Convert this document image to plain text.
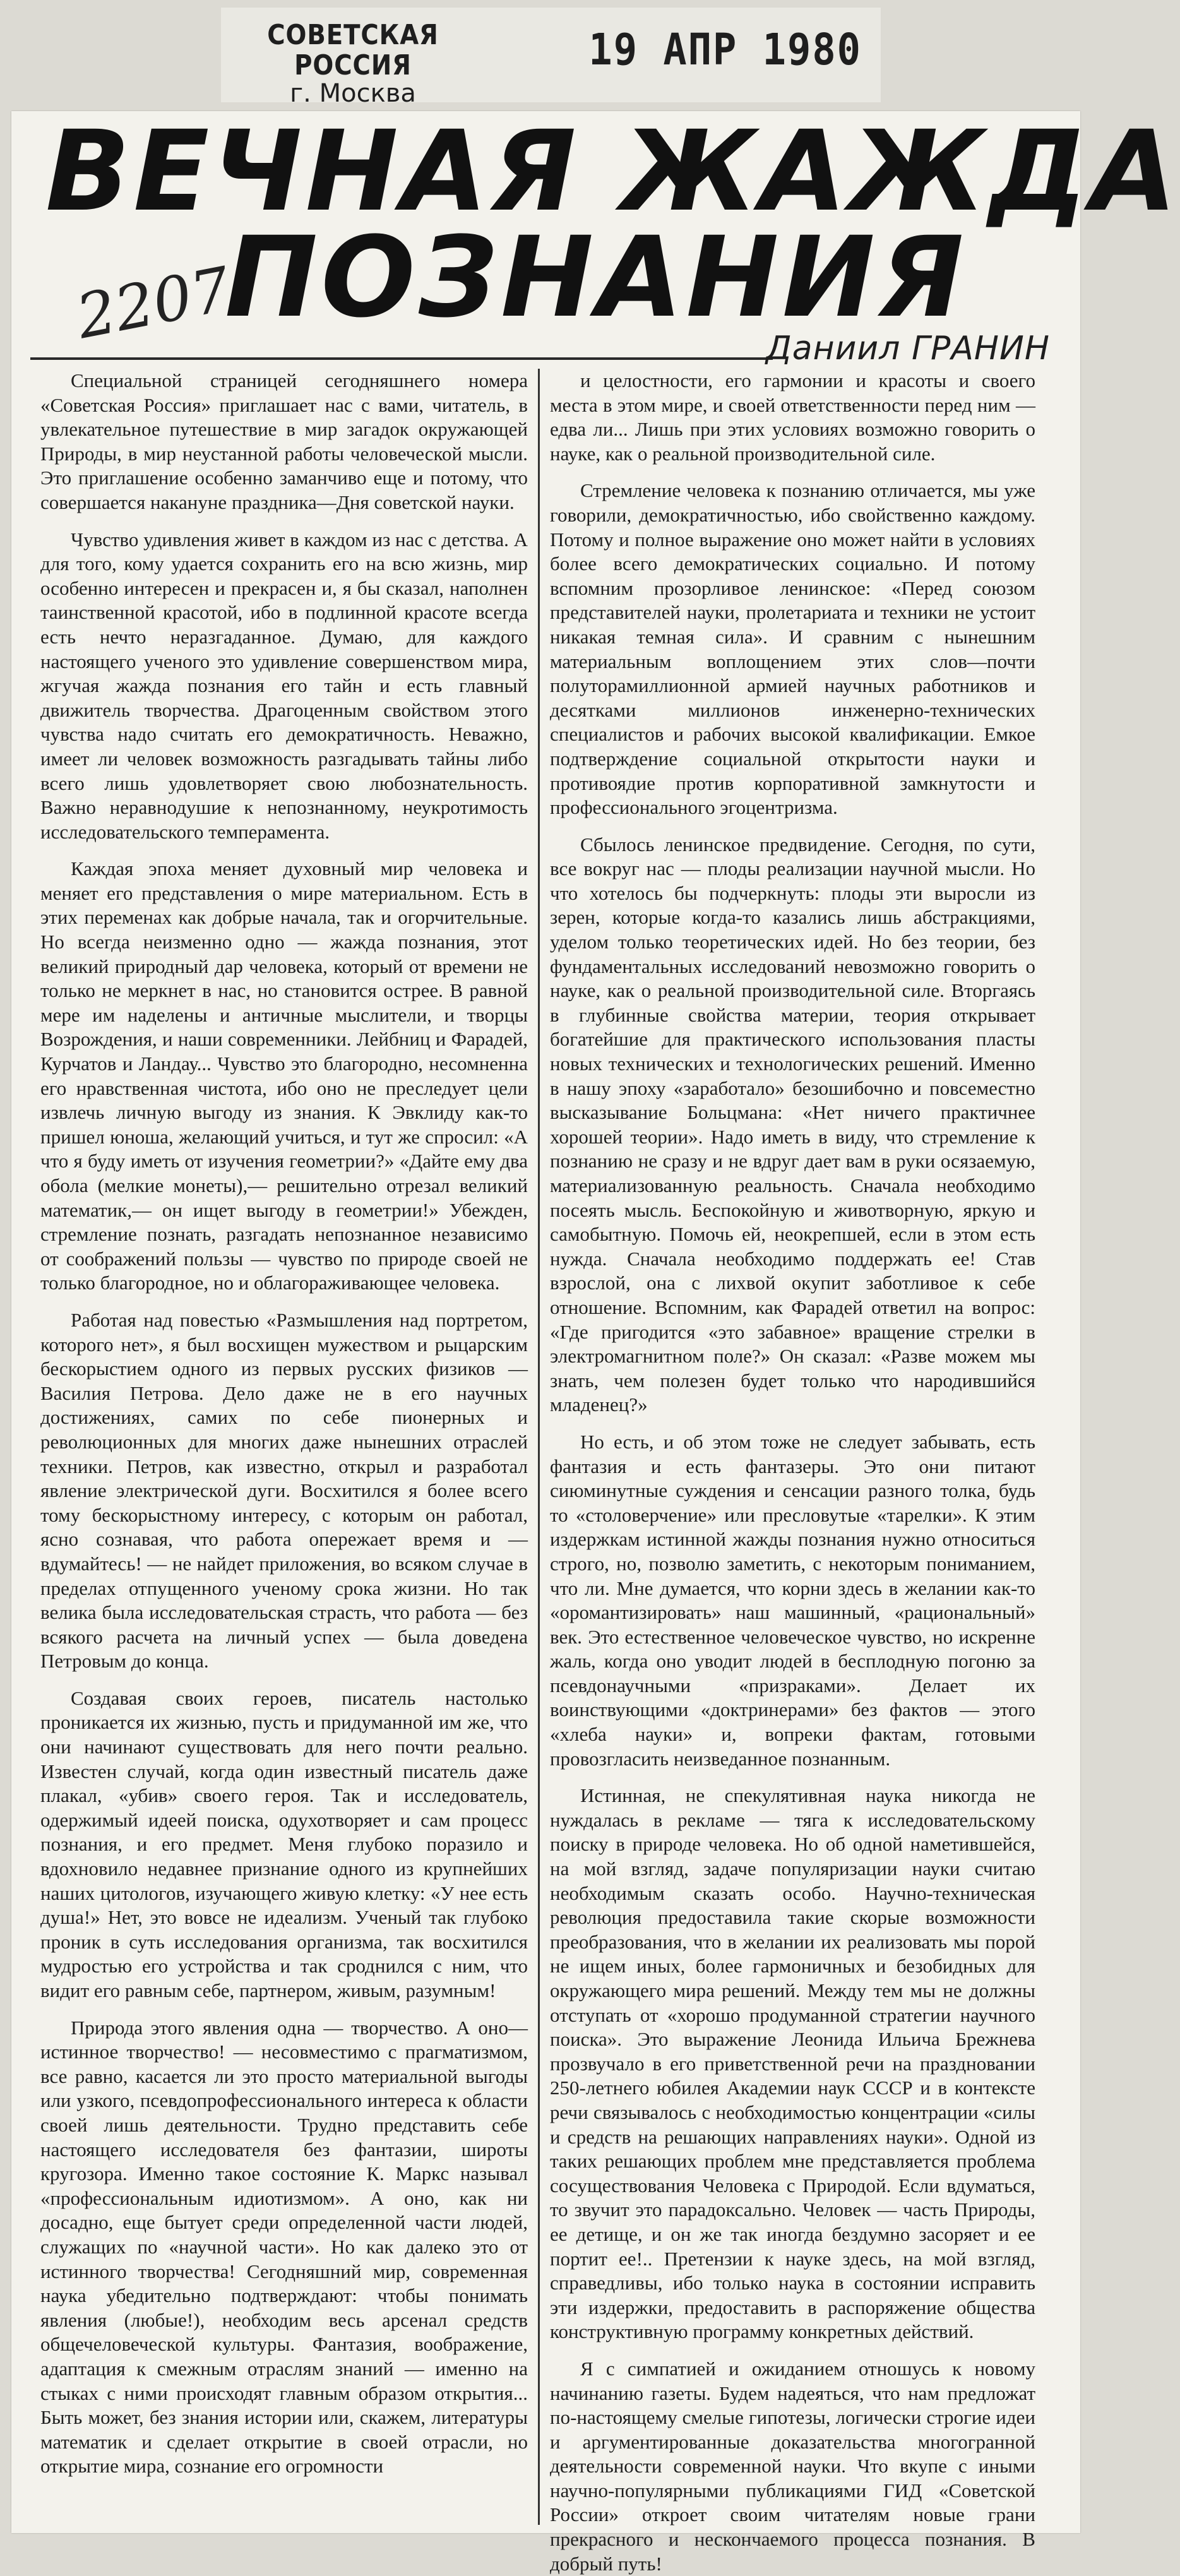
СОВЕТСКАЯ РОССИЯ
г. Москва
19 АПР 1980
ВЕЧНАЯ ЖАЖДА
ПОЗНАНИЯ
2207	Даниил ГРАНИН

Специальной страницей сегодняшнего номера «Советская Россия» приглашает нас с вами, читатель, в увлекательное путешествие в мир загадок окружающей Природы, в мир неустанной работы человеческой мысли. Это приглашение особенно заманчиво еще и потому, что совершается накануне праздника—Дня советской науки.

Чувство удивления живет в каждом из нас с детства. А для того, кому удается сохранить его на всю жизнь, мир особенно интересен и прекрасен и, я бы сказал, наполнен таинственной красотой, ибо в подлинной красоте всегда есть нечто неразгаданное. Думаю, для каждого настоящего ученого это удивление совершенством мира, жгучая жажда познания его тайн и есть главный движитель творчества. Драгоценным свойством этого чувства надо считать его демократичность. Неважно, имеет ли человек возможность разгадывать тайны либо всего лишь удовлетворяет свою любознательность. Важно неравнодушие к непознанному, неукротимость исследовательского темперамента.

Каждая эпоха меняет духовный мир человека и меняет его представления о мире материальном. Есть в этих переменах как добрые начала, так и огорчительные. Но всегда неизменно одно — жажда познания, этот великий природный дар человека, который от времени не только не меркнет в нас, но становится острее. В равной мере им наделены и античные мыслители, и творцы Возрождения, и наши современники. Лейбниц и Фарадей, Курчатов и Ландау... Чувство это благородно, несомненна его нравственная чистота, ибо оно не преследует цели извлечь личную выгоду из знания. К Эвклиду как-то пришел юноша, желающий учиться, и тут же спросил: «А что я буду иметь от изучения геометрии?» «Дайте ему два обола (мелкие монеты),— решительно отрезал великий математик,— он ищет выгоду в геометрии!» Убежден, стремление познать, разгадать непознанное независимо от соображений пользы — чувство по природе своей не только благородное, но и облагораживающее человека.

Работая над повестью «Размышления над портретом, которого нет», я был восхищен мужеством и рыцарским бескорыстием одного из первых русских физиков — Василия Петрова. Дело даже не в его научных достижениях, самих по себе пионерных и революционных для многих даже нынешних отраслей техники. Петров, как известно, открыл и разработал явление электрической дуги. Восхитился я более всего тому бескорыстному интересу, с которым он работал, ясно сознавая, что работа опережает время и — вдумайтесь! — не найдет приложения, во всяком случае в пределах отпущенного ученому срока жизни. Но так велика была исследовательская страсть, что работа — без всякого расчета на личный успех — была доведена Петровым до конца.

Создавая своих героев, писатель настолько проникается их жизнью, пусть и придуманной им же, что они начинают существовать для него почти реально. Известен случай, когда один известный писатель даже плакал, «убив» своего героя. Так и исследователь, одержимый идеей поиска, одухотворяет и сам процесс познания, и его предмет. Меня глубоко поразило и вдохновило недавнее признание одного из крупнейших наших цитологов, изучающего живую клетку: «У нее есть душа!» Нет, это вовсе не идеализм. Ученый так глубоко проник в суть исследования организма, так восхитился мудростью его устройства и так сроднился с ним, что видит его равным себе, партнером, живым, разумным!

Природа этого явления одна — творчество. А оно—истинное творчество! — несовместимо с прагматизмом, все равно, касается ли это просто материальной выгоды или узкого, псевдопрофессионального интереса к области своей лишь деятельности. Трудно представить себе настоящего исследователя без фантазии, широты кругозора. Именно такое состояние К. Маркс называл «профессиональным идиотизмом». А оно, как ни досадно, еще бытует среди определенной части людей, служащих по «научной части». Но как далеко это от истинного творчества! Сегодняшний мир, современная наука убедительно подтверждают: чтобы понимать явления (любые!), необходим весь арсенал средств общечеловеческой культуры. Фантазия, воображение, адаптация к смежным отраслям знаний — именно на стыках с ними происходят главным образом открытия... Быть может, без знания истории или, скажем, литературы математик и сделает открытие в своей отрасли, но открытие мира, сознание его огромности

и целостности, его гармонии и красоты и своего места в этом мире, и своей ответственности перед ним — едва ли... Лишь при этих условиях возможно говорить о науке, как о реальной производительной силе.

Стремление человека к познанию отличается, мы уже говорили, демократичностью, ибо свойственно каждому. Потому и полное выражение оно может найти в условиях более всего демократических социально. И потому вспомним прозорливое ленинское: «Перед союзом представителей науки, пролетариата и техники не устоит никакая темная сила». И сравним с нынешним материальным воплощением этих слов—почти полуторамиллионной армией научных работников и десятками миллионов инженерно-технических специалистов и рабочих высокой квалификации. Емкое подтверждение социальной открытости науки и противоядие против корпоративной замкнутости и профессионального эгоцентризма.

Сбылось ленинское предвидение. Сегодня, по сути, все вокруг нас — плоды реализации научной мысли. Но что хотелось бы подчеркнуть: плоды эти выросли из зерен, которые когда-то казались лишь абстракциями, уделом только теоретических идей. Но без теории, без фундаментальных исследований невозможно говорить о науке, как о реальной производительной силе. Вторгаясь в глубинные свойства материи, теория открывает богатейшие для практического использования пласты новых технических и технологических решений. Именно в нашу эпоху «заработало» безошибочно и повсеместно высказывание Больцмана: «Нет ничего практичнее хорошей теории». Надо иметь в виду, что стремление к познанию не сразу и не вдруг дает вам в руки осязаемую, материализованную реальность. Сначала необходимо посеять мысль. Беспокойную и животворную, яркую и самобытную. Помочь ей, неокрепшей, если в этом есть нужда. Сначала необходимо поддержать ее! Став взрослой, она с лихвой окупит заботливое к себе отношение. Вспомним, как Фарадей ответил на вопрос: «Где пригодится «это забавное» вращение стрелки в электромагнитном поле?» Он сказал: «Разве можем мы знать, чем полезен будет только что народившийся младенец?»

Но есть, и об этом тоже не следует забывать, есть фантазия и есть фантазеры. Это они питают сиюминутные суждения и сенсации разного толка, будь то «столоверчение» или пресловутые «тарелки». К этим издержкам истинной жажды познания нужно относиться строго, но, позволю заметить, с некоторым пониманием, что ли. Мне думается, что корни здесь в желании как-то «оромантизировать» наш машинный, «рациональный» век. Это естественное человеческое чувство, но искренне жаль, когда оно уводит людей в бесплодную погоню за псевдонаучными «призраками». Делает их воинствующими «доктринерами» без фактов — этого «хлеба науки» и, вопреки фактам, готовыми провозгласить неизведанное познанным.

Истинная, не спекулятивная наука никогда не нуждалась в рекламе — тяга к исследовательскому поиску в природе человека. Но об одной наметившейся, на мой взгляд, задаче популяризации науки считаю необходимым сказать особо. Научно-техническая революция предоставила такие скорые возможности преобразования, что в желании их реализовать мы порой не ищем иных, более гармоничных и безобидных для окружающего мира решений. Между тем мы не должны отступать от «хорошо продуманной стратегии научного поиска». Это выражение Леонида Ильича Брежнева прозвучало в его приветственной речи на праздновании 250-летнего юбилея Академии наук СССР и в контексте речи связывалось с необходимостью концентрации «силы и средств на решающих направлениях науки». Одной из таких решающих проблем мне представляется проблема сосуществования Человека с Природой. Если вдуматься, то звучит это парадоксально. Человек — часть Природы, ее детище, и он же так иногда бездумно засоряет и ее портит ее!.. Претензии к науке здесь, на мой взгляд, справедливы, ибо только наука в состоянии исправить эти издержки, предоставить в распоряжение общества конструктивную программу конкретных действий.

Я с симпатией и ожиданием отношусь к новому начинанию газеты. Будем надеяться, что нам предложат по-настоящему смелые гипотезы, логически строгие идеи и аргументированные доказательства многогранной деятельности современной науки. Что вкупе с иными научно-популярными публикациями ГИД «Советской России» откроет своим читателям новые грани прекрасного и нескончаемого процесса познания. В добрый путь!
